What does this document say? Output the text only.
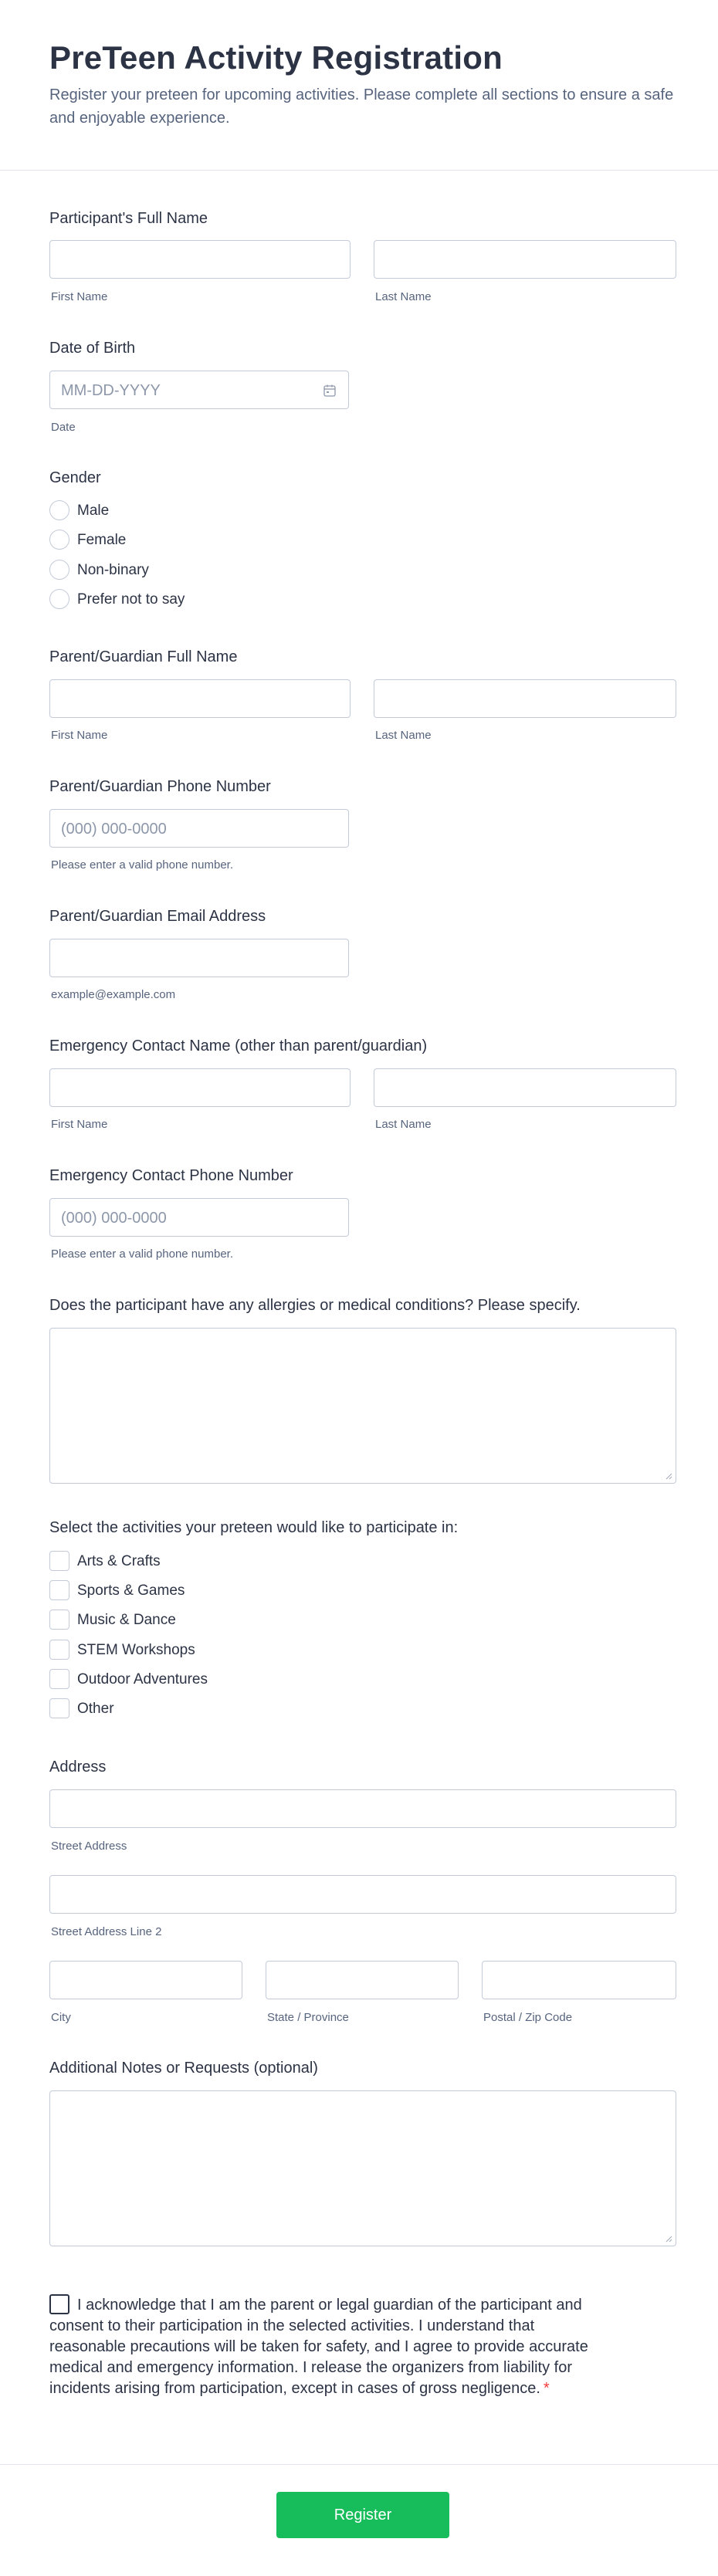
PreTeen Activity Registration
Register your preteen for upcoming activities. Please complete all sections to ensure a safe and enjoyable experience.
Participant's Full Name
First Name	Last Name
Date of Birth
MM-DD-YYYY
Date
Gender
Male
Female
Non-binary
Prefer not to say
Parent/Guardian Full Name
First Name	Last Name
Parent/Guardian Phone Number
(000) 000-0000
Please enter a valid phone number.
Parent/Guardian Email Address
example@example.com
Emergency Contact Name (other than parent/guardian)
First Name	Last Name
Emergency Contact Phone Number
(000) 000-0000
Please enter a valid phone number.
Does the participant have any allergies or medical conditions? Please specify.
Select the activities your preteen would like to participate in:
Arts & Crafts
Sports & Games
Music & Dance
STEM Workshops
Outdoor Adventures
Other
Address
Street Address
Street Address Line 2
City	State / Province	Postal / Zip Code
Additional Notes or Requests (optional)
I acknowledge that I am the parent or legal guardian of the participant and consent to their participation in the selected activities. I understand that reasonable precautions will be taken for safety, and I agree to provide accurate medical and emergency information. I release the organizers from liability for incidents arising from participation, except in cases of gross negligence. *
Register
